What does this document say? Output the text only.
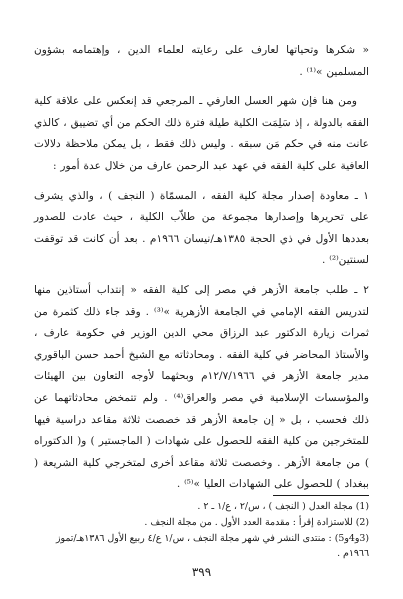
« شكرها وتحياتها لعارف على رعايته لعلماء الدين ، وإهتمامه بشؤون المسلمين »⁽¹⁾ .

ومن هنا فإن شهر العسل العارفي ـ المرجعي قد إنعكس على علاقة كلية الفقه بالدولة ، إذ سَلِمَت الكلية طيلة فترة ذلك الحكم من أي تضييق ، كالذي عانت منه في حكم مَن سبقه . وليس ذلك فقط ، بل يمكن ملاحظة دلالات العافية على كلية الفقه في عهد عبد الرحمن عارف من خلال عدة أمور :

١ ـ معاودة إصدار مجلة كلية الفقه ، المسمّاة ( النجف ) ، والذي يشرف على تحريرها وإصدارها مجموعة من طلاّب الكلية ، حيث عادت للصدور بعددها الأول في ذي الحجة ١٣٨٥هـ/نيسان ١٩٦٦م . بعد أن كانت قد توقفت لسنتين⁽²⁾ .

٢ ـ طلب جامعة الأزهر في مصر إلى كلية الفقه « إنتداب أستاذين منها لتدريس الفقه الإمامي في الجامعة الأزهرية »⁽³⁾ . وقد جاء ذلك كثمرة من ثمرات زيارة الدكتور عبد الرزاق محي الدين الوزير في حكومة عارف ، والأستاذ المحاضر في كلية الفقه . ومحادثاته مع الشيخ أحمد حسن الباقوري مدير جامعة الأزهر في ١٢/٧/١٩٦٦م وبحثهما لأوجه التعاون بين الهيئات والمؤسسات الإسلامية في مصر والعراق⁽⁴⁾ . ولم تتمخض محادثاتهما عن ذلك فحسب ، بل « إن جامعة الأزهر قد خصصت ثلاثة مقاعد دراسية فيها للمتخرجين من كلية الفقه للحصول على شهادات ( الماجستير ) و( الدكتوراه ) من جامعة الأزهر . وخصصت ثلاثة مقاعد أخرى لمتخرجي كلية الشريعة ( ببغداد ) للحصول على الشهادات العليا »⁽⁵⁾ .

(1) مجلة العدل ( النجف ) ، س/٢ ، ع/١ ـ ٢ .

(2) للاستزادة إقرأ : مقدمة العدد الأول . من مجلة النجف .

(3و4و5) : منتدى النشر في شهر مجلة النجف ، س/١ ع/٤ ربيع الأول ١٣٨٦هـ/تموز ١٩٦٦م .

٣٩٩
